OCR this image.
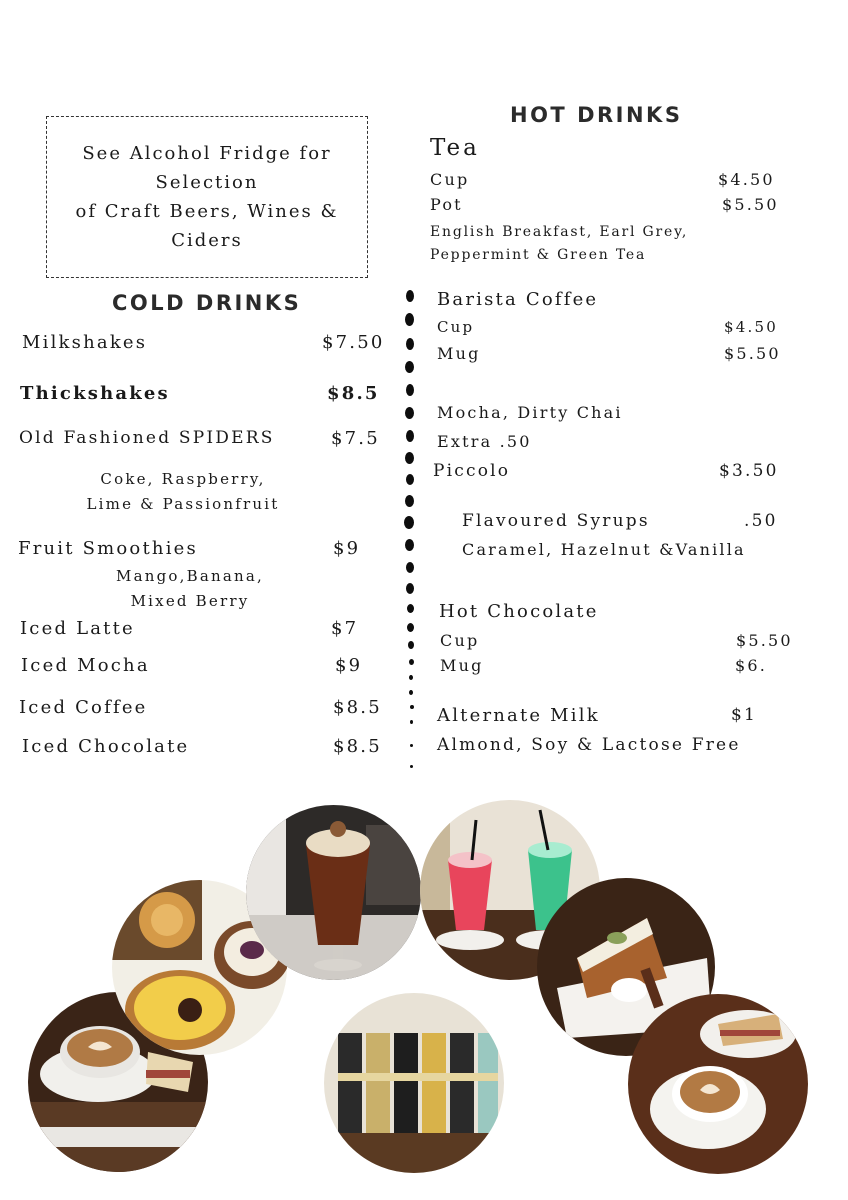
See Alcohol Fridge for
Selection
of Craft Beers, Wines &
Ciders
HOT DRINKS
COLD DRINKS
Milkshakes	$7.50
Thickshakes	$8.5
Old Fashioned SPIDERS	$7.5
Coke, Raspberry,
Lime & Passionfruit
Fruit Smoothies	$9
Mango,Banana,
Mixed Berry
Iced Latte	$7
Iced Mocha	$9
Iced Coffee	$8.5
Iced Chocolate	$8.5
Tea
Cup	$4.50
Pot	$5.50
English Breakfast, Earl Grey,
Peppermint & Green Tea
Barista Coffee
Cup	$4.50
Mug	$5.50
Mocha, Dirty Chai
Extra .50
Piccolo	$3.50
Flavoured Syrups	.50
Caramel, Hazelnut &Vanilla
Hot Chocolate
Cup	$5.50
Mug	$6.
Alternate Milk	$1
Almond, Soy & Lactose Free
